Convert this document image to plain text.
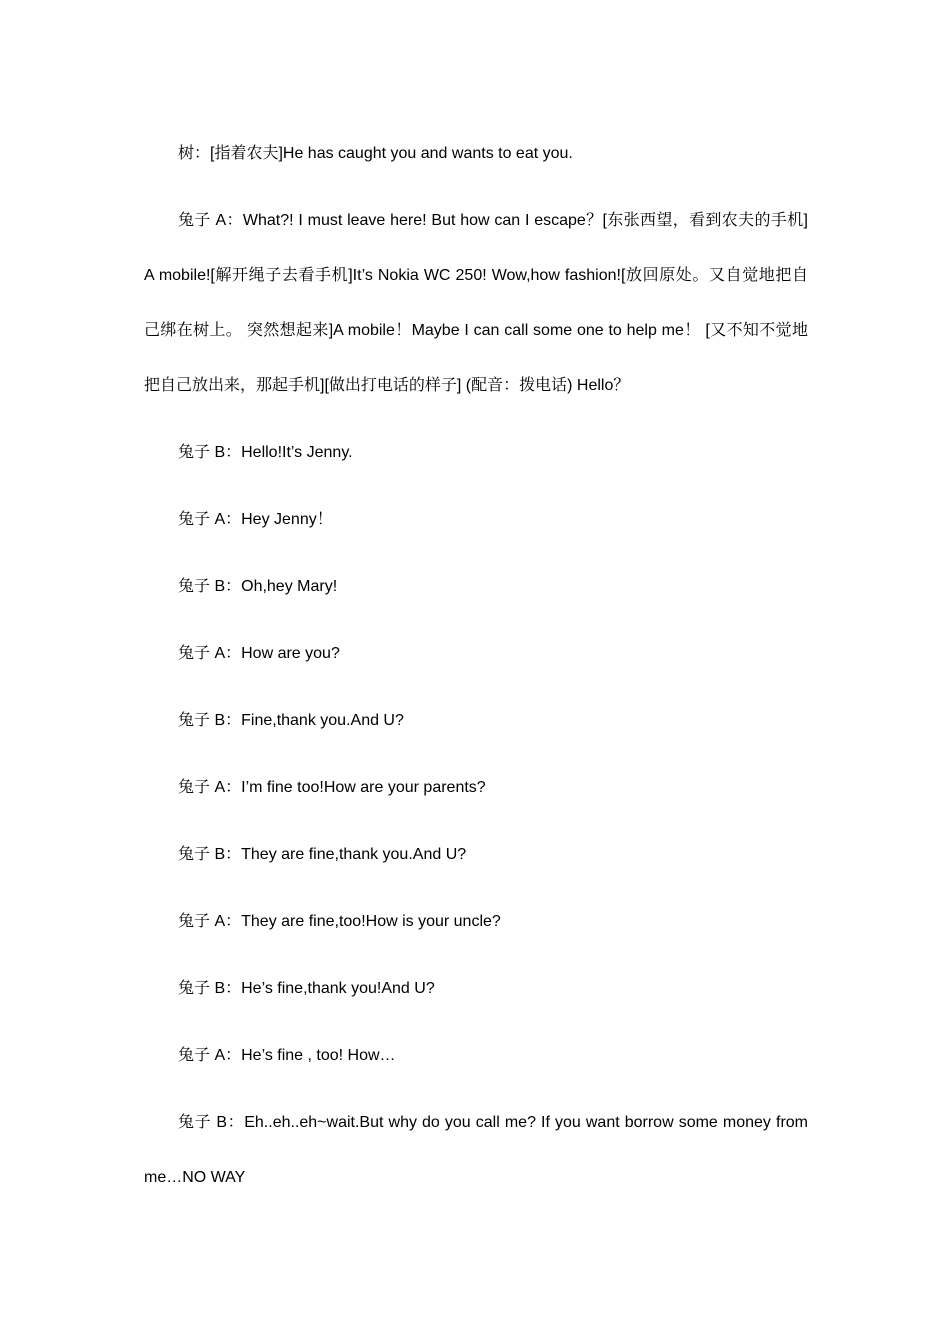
树：[指着农夫]He has caught you and wants to eat you.

兔子 A：What?! I must leave here! But how can I escape？[东张西望，看到农夫的手机]A mobile![解开绳子去看手机]It’s Nokia WC 250! Wow,how fashion![放回原处。又自觉地把自己绑在树上。 突然想起来]A mobile！Maybe I can call some one to help me！ [又不知不觉地把自己放出来，那起手机][做出打电话的样子] (配音：拨电话) Hello？

兔子 B：Hello!It’s Jenny.

兔子 A：Hey Jenny！

兔子 B：Oh,hey Mary!

兔子 A：How are you?

兔子 B：Fine,thank you.And U?

兔子 A：I’m fine too!How are your parents?

兔子 B：They are fine,thank you.And U?

兔子 A：They are fine,too!How is your uncle?

兔子 B：He’s fine,thank you!And U?

兔子 A：He’s fine , too! How…

兔子 B：Eh..eh..eh~wait.But why do you call me? If you want borrow some money from me…NO WAY
